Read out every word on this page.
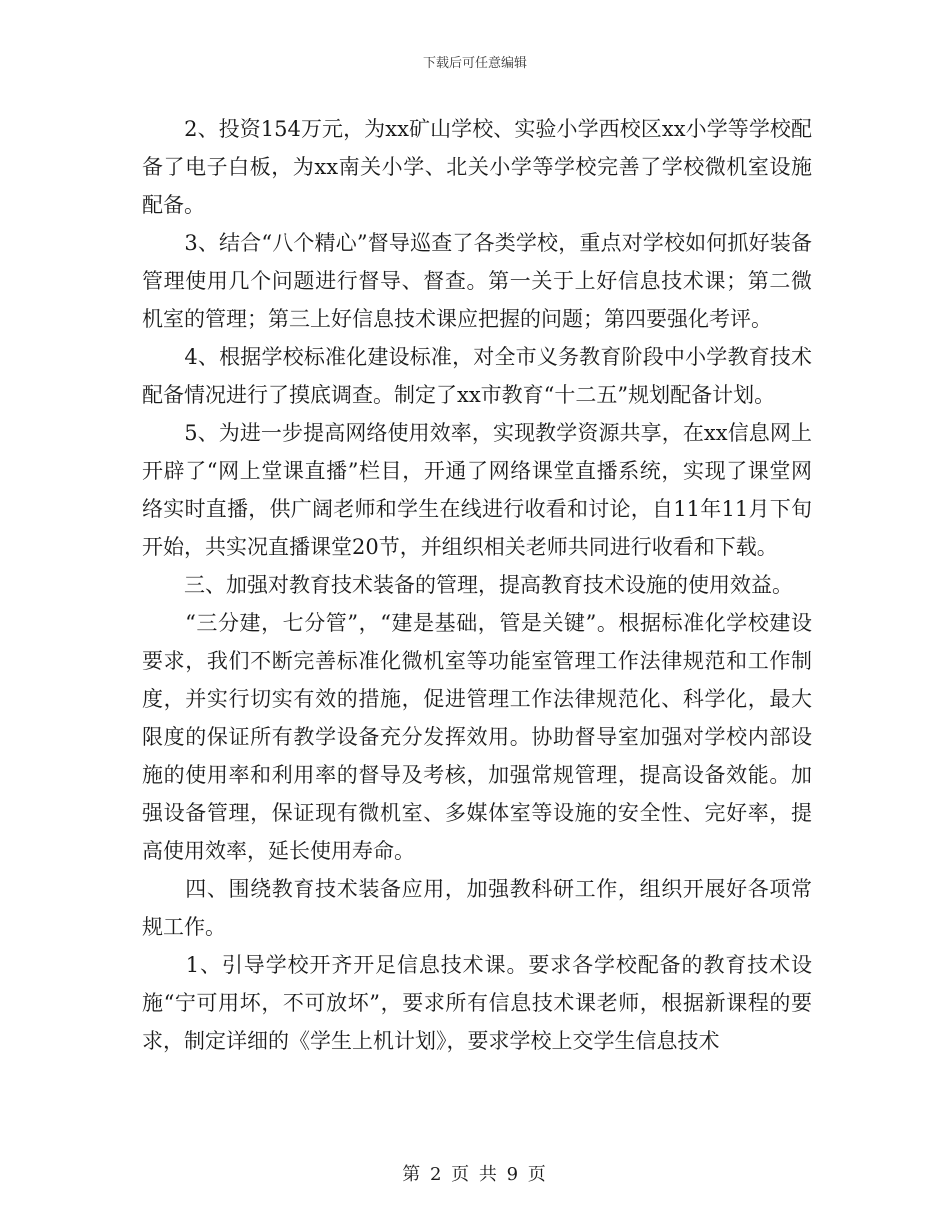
下载后可任意编辑

　　2、投资154万元，为xx矿山学校、实验小学西校区xx小学等学校配备了电子白板，为xx南关小学、北关小学等学校完善了学校微机室设施配备。

　　3、结合“八个精心”督导巡查了各类学校，重点对学校如何抓好装备管理使用几个问题进行督导、督查。第一关于上好信息技术课；第二微机室的管理；第三上好信息技术课应把握的问题；第四要强化考评。

　　4、根据学校标准化建设标准，对全市义务教育阶段中小学教育技术配备情况进行了摸底调查。制定了xx市教育“十二五”规划配备计划。

　　5、为进一步提高网络使用效率，实现教学资源共享，在xx信息网上开辟了“网上堂课直播”栏目，开通了网络课堂直播系统，实现了课堂网络实时直播，供广阔老师和学生在线进行收看和讨论，自11年11月下旬开始，共实况直播课堂20节，并组织相关老师共同进行收看和下载。

　　三、加强对教育技术装备的管理，提高教育技术设施的使用效益。

　　“三分建，七分管”，“建是基础，管是关键”。根据标准化学校建设要求，我们不断完善标准化微机室等功能室管理工作法律规范和工作制度，并实行切实有效的措施，促进管理工作法律规范化、科学化，最大限度的保证所有教学设备充分发挥效用。协助督导室加强对学校内部设施的使用率和利用率的督导及考核，加强常规管理，提高设备效能。加强设备管理，保证现有微机室、多媒体室等设施的安全性、完好率，提高使用效率，延长使用寿命。

　　四、围绕教育技术装备应用，加强教科研工作，组织开展好各项常规工作。

　　1、引导学校开齐开足信息技术课。要求各学校配备的教育技术设施“宁可用坏，不可放坏”，要求所有信息技术课老师，根据新课程的要求，制定详细的《学生上机计划》，要求学校上交学生信息技术

第 2 页 共 9 页
